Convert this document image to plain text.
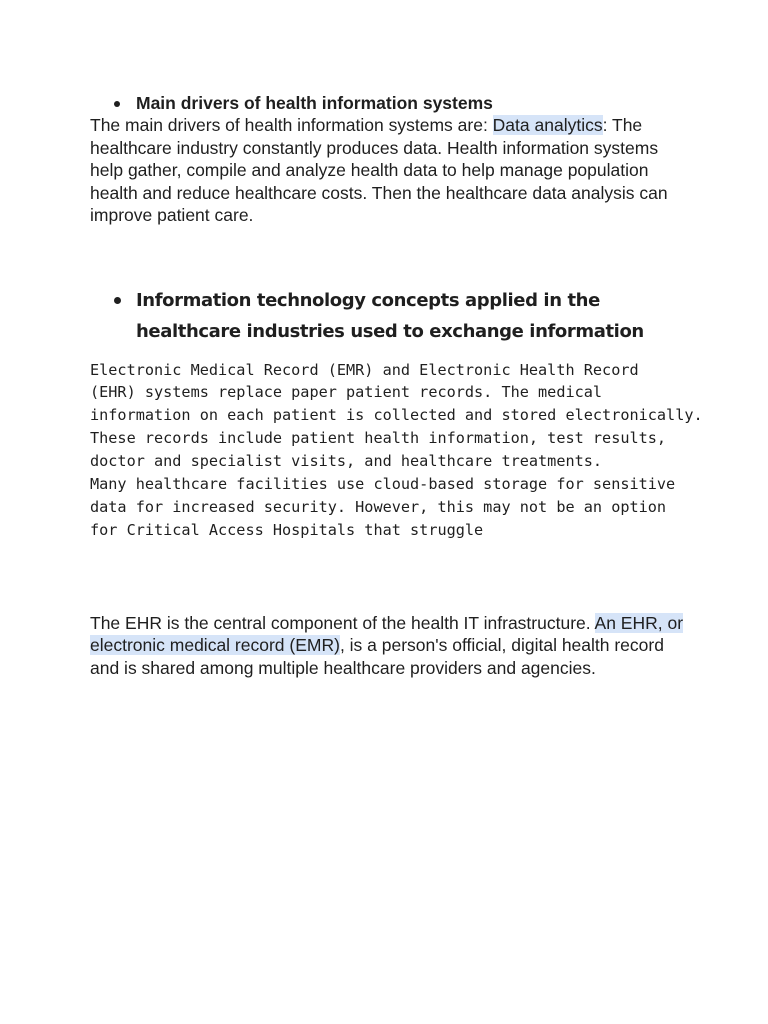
Main drivers of health information systems

The main drivers of health information systems are: Data analytics: The healthcare industry constantly produces data. Health information systems help gather, compile and analyze health data to help manage population health and reduce healthcare costs. Then the healthcare data analysis can improve patient care.

Information technology concepts applied in the healthcare industries used to exchange information
Electronic Medical Record (EMR) and Electronic Health Record
(EHR) systems replace paper patient records. The medical
information on each patient is collected and stored electronically.
These records include patient health information, test results,
doctor and specialist visits, and healthcare treatments.
Many healthcare facilities use cloud-based storage for sensitive
data for increased security. However, this may not be an option
for Critical Access Hospitals that struggle

The EHR is the central component of the health IT infrastructure. An EHR, or electronic medical record (EMR), is a person's official, digital health record and is shared among multiple healthcare providers and agencies.
